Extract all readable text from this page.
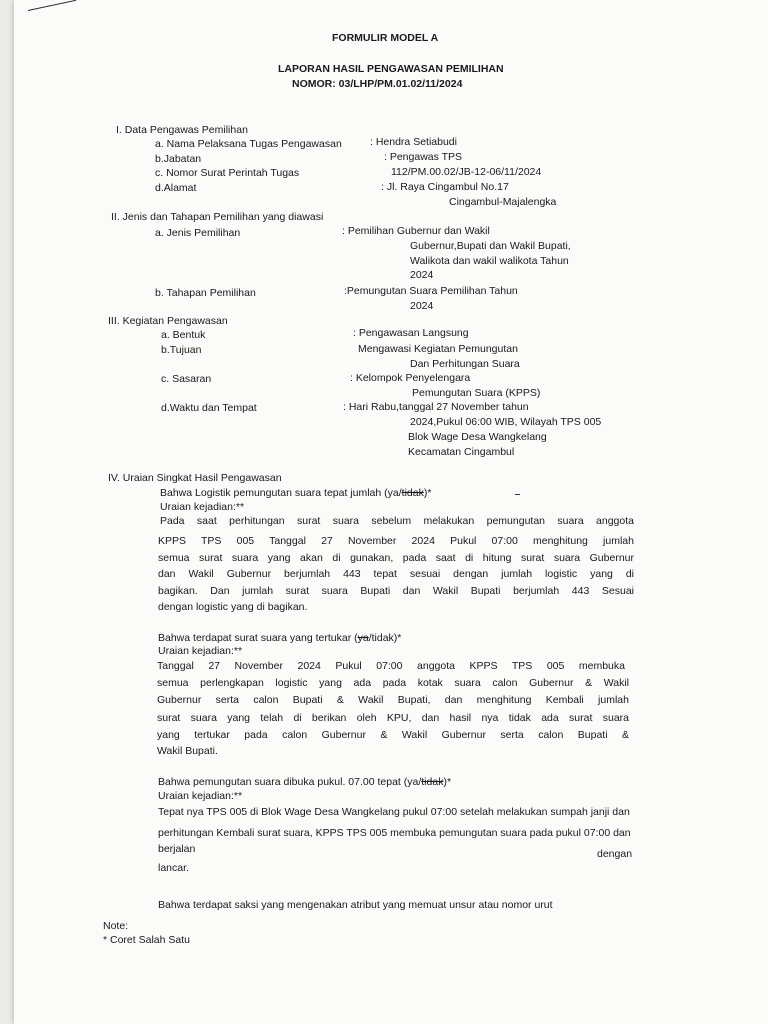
FORMULIR MODEL A
LAPORAN HASIL PENGAWASAN PEMILIHAN
NOMOR: 03/LHP/PM.01.02/11/2024
I. Data Pengawas Pemilihan
a. Nama Pelaksana Tugas Pengawasan	: Hendra Setiabudi
b.Jabatan	: Pengawas TPS
c. Nomor Surat Perintah Tugas	112/PM.00.02/JB-12-06/11/2024
d.Alamat	: Jl. Raya Cingambul No.17
Cingambul-Majalengka
II. Jenis dan Tahapan Pemilihan yang diawasi
a. Jenis Pemilihan	: Pemilihan Gubernur dan Wakil
Gubernur,Bupati dan Wakil Bupati,
Walikota dan wakil walikota Tahun
2024
b. Tahapan Pemilihan	:Pemungutan Suara Pemilihan Tahun
2024
III. Kegiatan Pengawasan
a. Bentuk	: Pengawasan Langsung
b.Tujuan	Mengawasi Kegiatan Pemungutan
Dan Perhitungan Suara
c. Sasaran	: Kelompok Penyelengara
Pemungutan Suara (KPPS)
d.Waktu dan Tempat	: Hari Rabu,tanggal 27 November tahun
2024,Pukul 06:00 WIB, Wilayah TPS 005
Blok Wage Desa Wangkelang
Kecamatan Cingambul
IV. Uraian Singkat Hasil Pengawasan
Bahwa Logistik pemungutan suara tepat jumlah (ya/tidak)*
Uraian kejadian:**
Pada saat perhitungan surat suara sebelum melakukan pemungutan suara anggota
KPPS TPS 005 Tanggal 27 November 2024 Pukul 07:00 menghitung jumlah
semua surat suara yang akan di gunakan, pada saat di hitung surat suara Gubernur
dan Wakil Gubernur berjumlah 443 tepat sesuai dengan jumlah logistic yang di
bagikan. Dan jumlah surat suara Bupati dan Wakil Bupati berjumlah 443 Sesuai
dengan logistic yang di bagikan.
Bahwa terdapat surat suara yang tertukar (ya/tidak)*
Uraian kejadian:**
Tanggal 27 November 2024 Pukul 07:00 anggota KPPS TPS 005 membuka
semua perlengkapan logistic yang ada pada kotak suara calon Gubernur & Wakil
Gubernur serta calon Bupati & Wakil Bupati, dan menghitung Kembali jumlah
surat suara yang telah di berikan oleh KPU, dan hasil nya tidak ada surat suara
yang tertukar pada calon Gubernur & Wakil Gubernur serta calon Bupati &
Wakil Bupati.
Bahwa pemungutan suara dibuka pukul. 07.00 tepat (ya/tidak)*
Uraian kejadian:**
Tepat nya TPS 005 di Blok Wage Desa Wangkelang pukul 07:00 setelah melakukan sumpah janji dan
perhitungan Kembali surat suara, KPPS TPS 005 membuka pemungutan suara pada pukul 07:00 dan
berjalan	dengan
lancar.
Bahwa terdapat saksi yang mengenakan atribut yang memuat unsur atau nomor urut
Note:
* Coret Salah Satu
